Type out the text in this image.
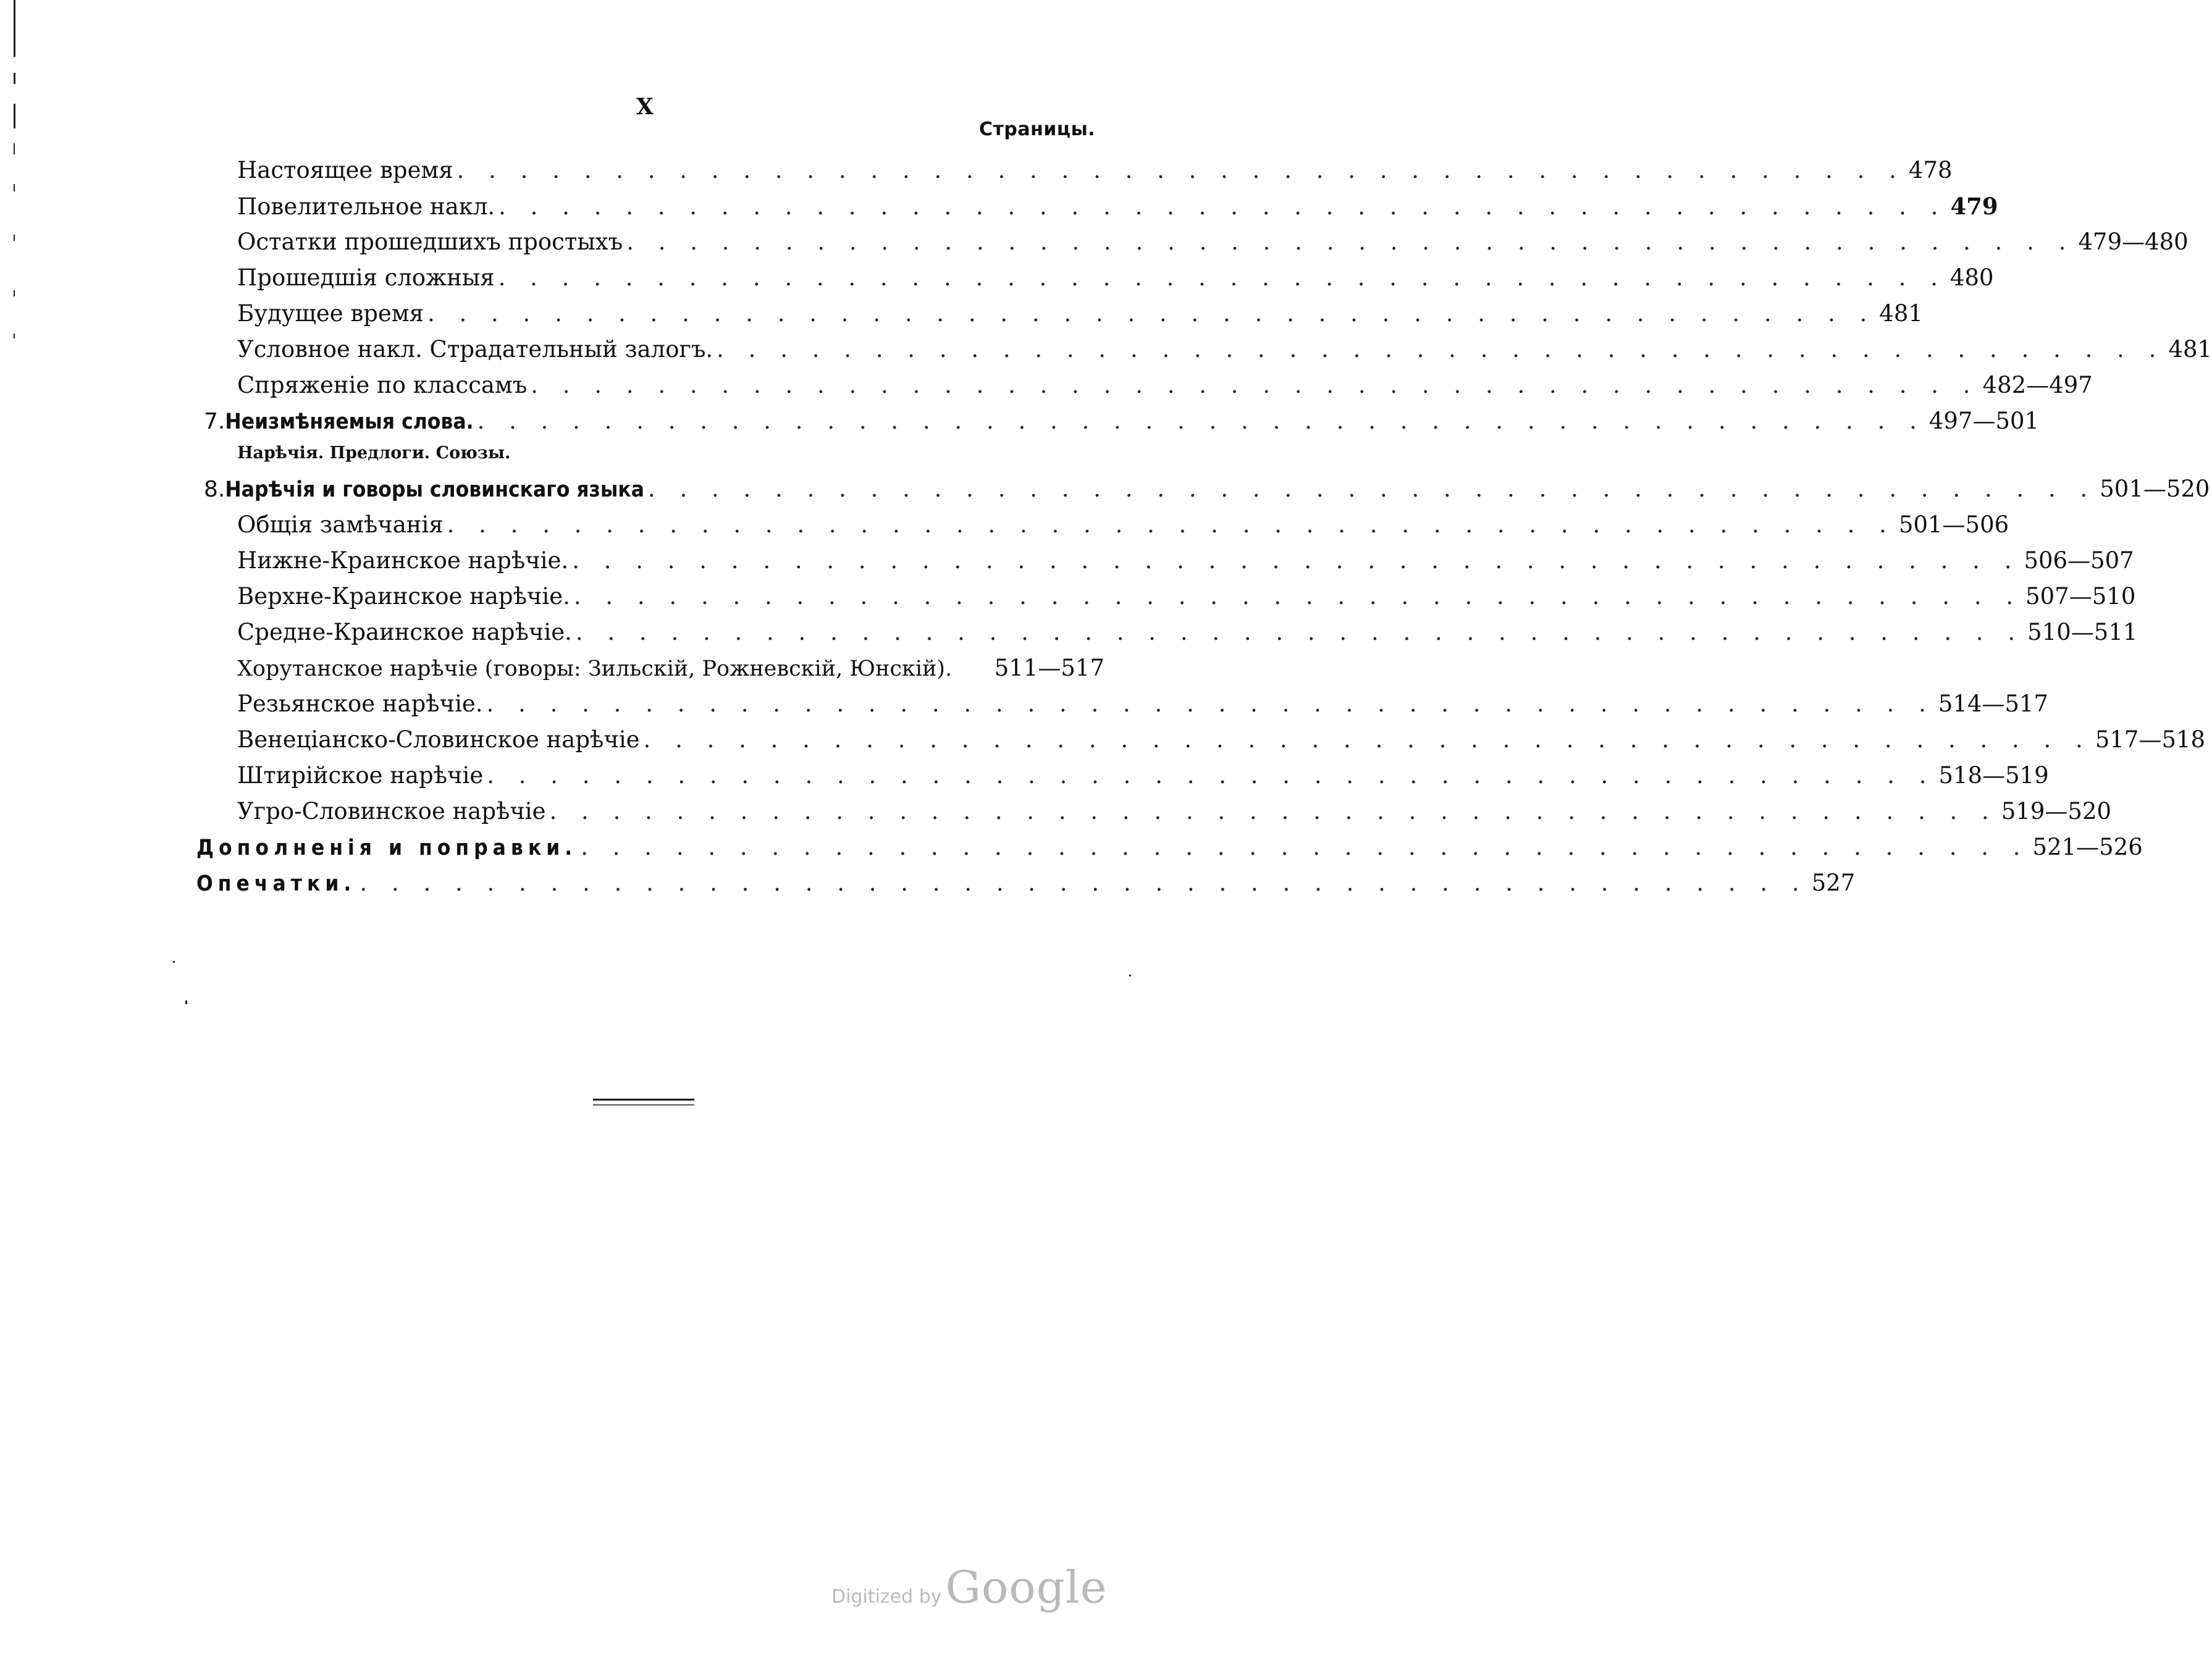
X
Страницы.
Настоящее время . . . . . . . . . . . . . . . . . . . . . . . . . . . . . . . . . . . . . . . . . . . . . . 478
Повелительное накл. . . . . . . . . . . . . . . . . . . . . . . . . . . . . . . . . . . . . . . . . . . . . . . 479
Остатки прошедшихъ простыхъ . . . . . . . . . . . . . . . . . . . . . . . . . . . . . . . . . . . . . . . . . . . . . . 479—480
Прошедшія сложныя . . . . . . . . . . . . . . . . . . . . . . . . . . . . . . . . . . . . . . . . . . . . . . 480
Будущее время . . . . . . . . . . . . . . . . . . . . . . . . . . . . . . . . . . . . . . . . . . . . . . 481
Условное накл. Страдательный залогъ. . . . . . . . . . . . . . . . . . . . . . . . . . . . . . . . . . . . . . . . . . . . . . . 481
Спряженіе по классамъ . . . . . . . . . . . . . . . . . . . . . . . . . . . . . . . . . . . . . . . . . . . . . . 482—497
7. Неизмѣняемыя слова. . . . . . . . . . . . . . . . . . . . . . . . . . . . . . . . . . . . . . . . . . . . . . . 497—501
Нарѣчія. Предлоги. Союзы.
8. Нарѣчія и говоры словинскаго языка . . . . . . . . . . . . . . . . . . . . . . . . . . . . . . . . . . . . . . . . . . . . . . 501—520
Общія замѣчанія . . . . . . . . . . . . . . . . . . . . . . . . . . . . . . . . . . . . . . . . . . . . . . 501—506
Нижне-Краинское нарѣчіе. . . . . . . . . . . . . . . . . . . . . . . . . . . . . . . . . . . . . . . . . . . . . . . 506—507
Верхне-Краинское нарѣчіе. . . . . . . . . . . . . . . . . . . . . . . . . . . . . . . . . . . . . . . . . . . . . . . 507—510
Средне-Краинское нарѣчіе. . . . . . . . . . . . . . . . . . . . . . . . . . . . . . . . . . . . . . . . . . . . . . . 510—511
Хорутанское нарѣчіе (говоры: Зильскій, Рожневскій, Юнскій).	511—517
Резьянское нарѣчіе. . . . . . . . . . . . . . . . . . . . . . . . . . . . . . . . . . . . . . . . . . . . . . . 514—517
Венеціанско-Словинское нарѣчіе . . . . . . . . . . . . . . . . . . . . . . . . . . . . . . . . . . . . . . . . . . . . . . 517—518
Штирійское нарѣчіе . . . . . . . . . . . . . . . . . . . . . . . . . . . . . . . . . . . . . . . . . . . . . . 518—519
Угро-Словинское нарѣчіе . . . . . . . . . . . . . . . . . . . . . . . . . . . . . . . . . . . . . . . . . . . . . . 519—520
Дополненія и поправки. . . . . . . . . . . . . . . . . . . . . . . . . . . . . . . . . . . . . . . . . . . . . . . 521—526
Опечатки. . . . . . . . . . . . . . . . . . . . . . . . . . . . . . . . . . . . . . . . . . . . . . . 527
Digitized by Google
